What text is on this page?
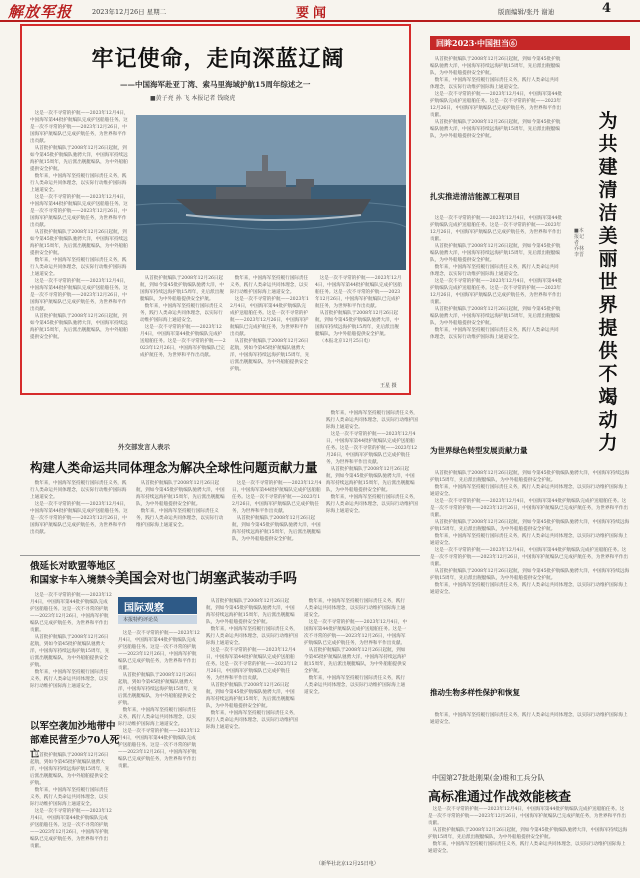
解放军报	2023年12月26日 星期二	要闻	版面编辑/张丹 谢迪	4
牢记使命，走向深蓝辽阔
——中国海军赴亚丁湾、索马里海域护航15周年综述之一
■黄子亮 孙 飞 本报记者 钱晓虎

这是一次不寻常的护航——2023年12月4日，中国海军第44批护航编队完成护送船舶任务。这是一次不寻常的护航——2023年12月26日，中国海军护航编队已完成护航任务，为世界和平作出贡献。

从首批护航编队于2008年12月26日起航，到如今第45批护航编队驰骋大洋，中国海军持续远海护航15周年，先后派出舰艇编队，为中外船舶提供安全护航。

数年来，中国海军坚持履行国际责任义务，践行人类命运共同体理念，以实际行动维护国际海上通道安全。

这是一次不寻常的护航——2023年12月4日，中国海军第44批护航编队完成护送船舶任务。这是一次不寻常的护航——2023年12月26日，中国海军护航编队已完成护航任务，为世界和平作出贡献。

从首批护航编队于2008年12月26日起航，到如今第45批护航编队驰骋大洋，中国海军持续远海护航15周年，先后派出舰艇编队，为中外船舶提供安全护航。

数年来，中国海军坚持履行国际责任义务，践行人类命运共同体理念，以实际行动维护国际海上通道安全。

这是一次不寻常的护航——2023年12月4日，中国海军第44批护航编队完成护送船舶任务。这是一次不寻常的护航——2023年12月26日，中国海军护航编队已完成护航任务，为世界和平作出贡献。

从首批护航编队于2008年12月26日起航，到如今第45批护航编队驰骋大洋，中国海军持续远海护航15周年，先后派出舰艇编队，为中外船舶提供安全护航。

从首批护航编队于2008年12月26日起航，到如今第45批护航编队驰骋大洋，中国海军持续远海护航15周年，先后派出舰艇编队，为中外船舶提供安全护航。

数年来，中国海军坚持履行国际责任义务，践行人类命运共同体理念，以实际行动维护国际海上通道安全。

这是一次不寻常的护航——2023年12月4日，中国海军第44批护航编队完成护送船舶任务。这是一次不寻常的护航——2023年12月26日，中国海军护航编队已完成护航任务，为世界和平作出贡献。

数年来，中国海军坚持履行国际责任义务，践行人类命运共同体理念，以实际行动维护国际海上通道安全。

这是一次不寻常的护航——2023年12月4日，中国海军第44批护航编队完成护送船舶任务。这是一次不寻常的护航——2023年12月26日，中国海军护航编队已完成护航任务，为世界和平作出贡献。

从首批护航编队于2008年12月26日起航，到如今第45批护航编队驰骋大洋，中国海军持续远海护航15周年，先后派出舰艇编队，为中外船舶提供安全护航。

这是一次不寻常的护航——2023年12月4日，中国海军第44批护航编队完成护送船舶任务。这是一次不寻常的护航——2023年12月26日，中国海军护航编队已完成护航任务，为世界和平作出贡献。

从首批护航编队于2008年12月26日起航，到如今第45批护航编队驰骋大洋，中国海军持续远海护航15周年，先后派出舰艇编队，为中外船舶提供安全护航。

（本报北京12月25日电）

王星 摄
回眸2023·中国担当⑥
为共建清洁美丽世界提供不竭动力
■本报记者 乔林 李晋

从首批护航编队于2008年12月26日起航，到如今第45批护航编队驰骋大洋，中国海军持续远海护航15周年，先后派出舰艇编队，为中外船舶提供安全护航。

数年来，中国海军坚持履行国际责任义务，践行人类命运共同体理念，以实际行动维护国际海上通道安全。

这是一次不寻常的护航——2023年12月4日，中国海军第44批护航编队完成护送船舶任务。这是一次不寻常的护航——2023年12月26日，中国海军护航编队已完成护航任务，为世界和平作出贡献。

从首批护航编队于2008年12月26日起航，到如今第45批护航编队驰骋大洋，中国海军持续远海护航15周年，先后派出舰艇编队，为中外船舶提供安全护航。

扎实推进清洁能源工程项目

这是一次不寻常的护航——2023年12月4日，中国海军第44批护航编队完成护送船舶任务。这是一次不寻常的护航——2023年12月26日，中国海军护航编队已完成护航任务，为世界和平作出贡献。

从首批护航编队于2008年12月26日起航，到如今第45批护航编队驰骋大洋，中国海军持续远海护航15周年，先后派出舰艇编队，为中外船舶提供安全护航。

数年来，中国海军坚持履行国际责任义务，践行人类命运共同体理念，以实际行动维护国际海上通道安全。

这是一次不寻常的护航——2023年12月4日，中国海军第44批护航编队完成护送船舶任务。这是一次不寻常的护航——2023年12月26日，中国海军护航编队已完成护航任务，为世界和平作出贡献。

从首批护航编队于2008年12月26日起航，到如今第45批护航编队驰骋大洋，中国海军持续远海护航15周年，先后派出舰艇编队，为中外船舶提供安全护航。

数年来，中国海军坚持履行国际责任义务，践行人类命运共同体理念，以实际行动维护国际海上通道安全。

为世界绿色转型发展贡献力量

从首批护航编队于2008年12月26日起航，到如今第45批护航编队驰骋大洋，中国海军持续远海护航15周年，先后派出舰艇编队，为中外船舶提供安全护航。

数年来，中国海军坚持履行国际责任义务，践行人类命运共同体理念，以实际行动维护国际海上通道安全。

这是一次不寻常的护航——2023年12月4日，中国海军第44批护航编队完成护送船舶任务。这是一次不寻常的护航——2023年12月26日，中国海军护航编队已完成护航任务，为世界和平作出贡献。

从首批护航编队于2008年12月26日起航，到如今第45批护航编队驰骋大洋，中国海军持续远海护航15周年，先后派出舰艇编队，为中外船舶提供安全护航。

数年来，中国海军坚持履行国际责任义务，践行人类命运共同体理念，以实际行动维护国际海上通道安全。

这是一次不寻常的护航——2023年12月4日，中国海军第44批护航编队完成护送船舶任务。这是一次不寻常的护航——2023年12月26日，中国海军护航编队已完成护航任务，为世界和平作出贡献。

从首批护航编队于2008年12月26日起航，到如今第45批护航编队驰骋大洋，中国海军持续远海护航15周年，先后派出舰艇编队，为中外船舶提供安全护航。

数年来，中国海军坚持履行国际责任义务，践行人类命运共同体理念，以实际行动维护国际海上通道安全。

推动生物多样性保护和恢复

数年来，中国海军坚持履行国际责任义务，践行人类命运共同体理念，以实际行动维护国际海上通道安全。

外交部发言人表示
构建人类命运共同体理念为解决全球性问题贡献力量

数年来，中国海军坚持履行国际责任义务，践行人类命运共同体理念，以实际行动维护国际海上通道安全。

这是一次不寻常的护航——2023年12月4日，中国海军第44批护航编队完成护送船舶任务。这是一次不寻常的护航——2023年12月26日，中国海军护航编队已完成护航任务，为世界和平作出贡献。

从首批护航编队于2008年12月26日起航，到如今第45批护航编队驰骋大洋，中国海军持续远海护航15周年，先后派出舰艇编队，为中外船舶提供安全护航。

数年来，中国海军坚持履行国际责任义务，践行人类命运共同体理念，以实际行动维护国际海上通道安全。

这是一次不寻常的护航——2023年12月4日，中国海军第44批护航编队完成护送船舶任务。这是一次不寻常的护航——2023年12月26日，中国海军护航编队已完成护航任务，为世界和平作出贡献。

从首批护航编队于2008年12月26日起航，到如今第45批护航编队驰骋大洋，中国海军持续远海护航15周年，先后派出舰艇编队，为中外船舶提供安全护航。

数年来，中国海军坚持履行国际责任义务，践行人类命运共同体理念，以实际行动维护国际海上通道安全。

这是一次不寻常的护航——2023年12月4日，中国海军第44批护航编队完成护送船舶任务。这是一次不寻常的护航——2023年12月26日，中国海军护航编队已完成护航任务，为世界和平作出贡献。

从首批护航编队于2008年12月26日起航，到如今第45批护航编队驰骋大洋，中国海军持续远海护航15周年，先后派出舰艇编队，为中外船舶提供安全护航。

数年来，中国海军坚持履行国际责任义务，践行人类命运共同体理念，以实际行动维护国际海上通道安全。

俄延长对欧盟等地区和国家卡车入境禁令

这是一次不寻常的护航——2023年12月4日，中国海军第44批护航编队完成护送船舶任务。这是一次不寻常的护航——2023年12月26日，中国海军护航编队已完成护航任务，为世界和平作出贡献。

从首批护航编队于2008年12月26日起航，到如今第45批护航编队驰骋大洋，中国海军持续远海护航15周年，先后派出舰艇编队，为中外船舶提供安全护航。

数年来，中国海军坚持履行国际责任义务，践行人类命运共同体理念，以实际行动维护国际海上通道安全。

以军空袭加沙地带中部难民营至少70人死亡

从首批护航编队于2008年12月26日起航，到如今第45批护航编队驰骋大洋，中国海军持续远海护航15周年，先后派出舰艇编队，为中外船舶提供安全护航。

数年来，中国海军坚持履行国际责任义务，践行人类命运共同体理念，以实际行动维护国际海上通道安全。

这是一次不寻常的护航——2023年12月4日，中国海军第44批护航编队完成护送船舶任务。这是一次不寻常的护航——2023年12月26日，中国海军护航编队已完成护航任务，为世界和平作出贡献。

美国会对也门胡塞武装动手吗
国际观察
本报特约评论员

这是一次不寻常的护航——2023年12月4日，中国海军第44批护航编队完成护送船舶任务。这是一次不寻常的护航——2023年12月26日，中国海军护航编队已完成护航任务，为世界和平作出贡献。

从首批护航编队于2008年12月26日起航，到如今第45批护航编队驰骋大洋，中国海军持续远海护航15周年，先后派出舰艇编队，为中外船舶提供安全护航。

数年来，中国海军坚持履行国际责任义务，践行人类命运共同体理念，以实际行动维护国际海上通道安全。

这是一次不寻常的护航——2023年12月4日，中国海军第44批护航编队完成护送船舶任务。这是一次不寻常的护航——2023年12月26日，中国海军护航编队已完成护航任务，为世界和平作出贡献。

从首批护航编队于2008年12月26日起航，到如今第45批护航编队驰骋大洋，中国海军持续远海护航15周年，先后派出舰艇编队，为中外船舶提供安全护航。

数年来，中国海军坚持履行国际责任义务，践行人类命运共同体理念，以实际行动维护国际海上通道安全。

这是一次不寻常的护航——2023年12月4日，中国海军第44批护航编队完成护送船舶任务。这是一次不寻常的护航——2023年12月26日，中国海军护航编队已完成护航任务，为世界和平作出贡献。

从首批护航编队于2008年12月26日起航，到如今第45批护航编队驰骋大洋，中国海军持续远海护航15周年，先后派出舰艇编队，为中外船舶提供安全护航。

数年来，中国海军坚持履行国际责任义务，践行人类命运共同体理念，以实际行动维护国际海上通道安全。

数年来，中国海军坚持履行国际责任义务，践行人类命运共同体理念，以实际行动维护国际海上通道安全。

这是一次不寻常的护航——2023年12月4日，中国海军第44批护航编队完成护送船舶任务。这是一次不寻常的护航——2023年12月26日，中国海军护航编队已完成护航任务，为世界和平作出贡献。

从首批护航编队于2008年12月26日起航，到如今第45批护航编队驰骋大洋，中国海军持续远海护航15周年，先后派出舰艇编队，为中外船舶提供安全护航。

数年来，中国海军坚持履行国际责任义务，践行人类命运共同体理念，以实际行动维护国际海上通道安全。

（新华社北京12月25日电）
中国第27批赴刚果(金)维和工兵分队
高标准通过作战效能核查

这是一次不寻常的护航——2023年12月4日，中国海军第44批护航编队完成护送船舶任务。这是一次不寻常的护航——2023年12月26日，中国海军护航编队已完成护航任务，为世界和平作出贡献。

从首批护航编队于2008年12月26日起航，到如今第45批护航编队驰骋大洋，中国海军持续远海护航15周年，先后派出舰艇编队，为中外船舶提供安全护航。

数年来，中国海军坚持履行国际责任义务，践行人类命运共同体理念，以实际行动维护国际海上通道安全。
